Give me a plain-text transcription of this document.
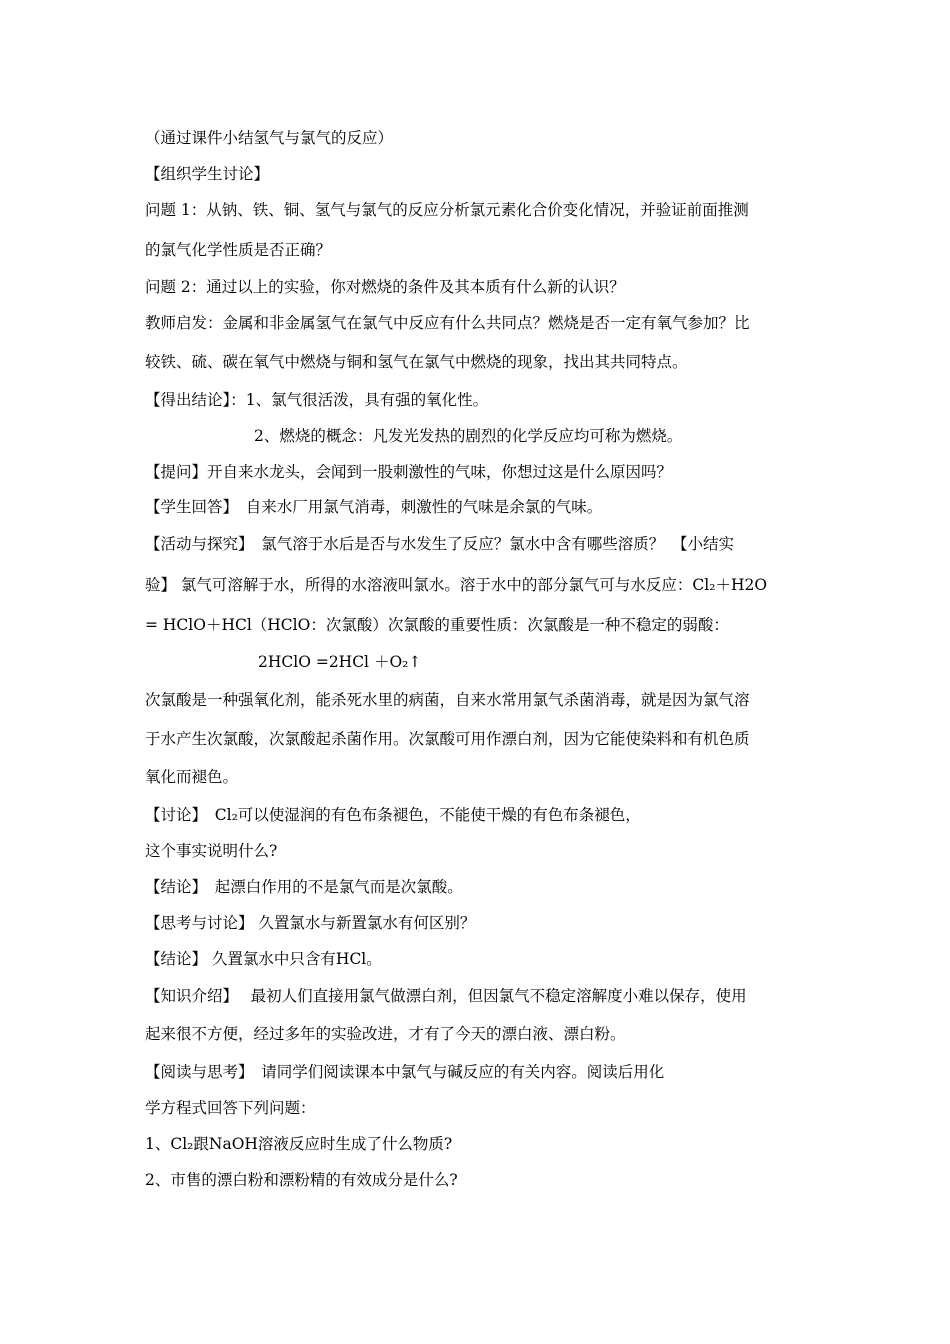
（通过课件小结氢气与氯气的反应）
【组织学生讨论】
问题 1：从钠、铁、铜、氢气与氯气的反应分析氯元素化合价变化情况，并验证前面推测
的氯气化学性质是否正确？
问题 2：通过以上的实验，你对燃烧的条件及其本质有什么新的认识？
教师启发：金属和非金属氢气在氯气中反应有什么共同点？燃烧是否一定有氧气参加？比
较铁、硫、碳在氧气中燃烧与铜和氢气在氯气中燃烧的现象，找出其共同特点。
【得出结论】：1、氯气很活泼，具有强的氧化性。
2、燃烧的概念：凡发光发热的剧烈的化学反应均可称为燃烧。
【提问】开自来水龙头，会闻到一股刺激性的气味，你想过这是什么原因吗？
【学生回答】　自来水厂用氯气消毒，刺激性的气味是余氯的气味。
【活动与探究】　氯气溶于水后是否与水发生了反应？氯水中含有哪些溶质？　【小结实
验】 氯气可溶解于水，所得的水溶液叫氯水。溶于水中的部分氯气可与水反应：Cl₂＋H2O
= HClO＋HCl（HClO：次氯酸）次氯酸的重要性质：次氯酸是一种不稳定的弱酸：
2HClO =2HCl ＋O₂↑
次氯酸是一种强氧化剂，能杀死水里的病菌，自来水常用氯气杀菌消毒，就是因为氯气溶
于水产生次氯酸，次氯酸起杀菌作用。次氯酸可用作漂白剂，因为它能使染料和有机色质
氧化而褪色。
【讨论】　Cl₂可以使湿润的有色布条褪色，不能使干燥的有色布条褪色，
这个事实说明什么?
【结论】　起漂白作用的不是氯气而是次氯酸。
【思考与讨论】 久置氯水与新置氯水有何区别？
【结论】 久置氯水中只含有HCl。
【知识介绍】　 最初人们直接用氯气做漂白剂，但因氯气不稳定溶解度小难以保存，使用
起来很不方便，经过多年的实验改进，才有了今天的漂白液、漂白粉。
【阅读与思考】　请同学们阅读课本中氯气与碱反应的有关内容。阅读后用化
学方程式回答下列问题：
1、Cl₂跟NaOH溶液反应时生成了什么物质?
2、市售的漂白粉和漂粉精的有效成分是什么?
